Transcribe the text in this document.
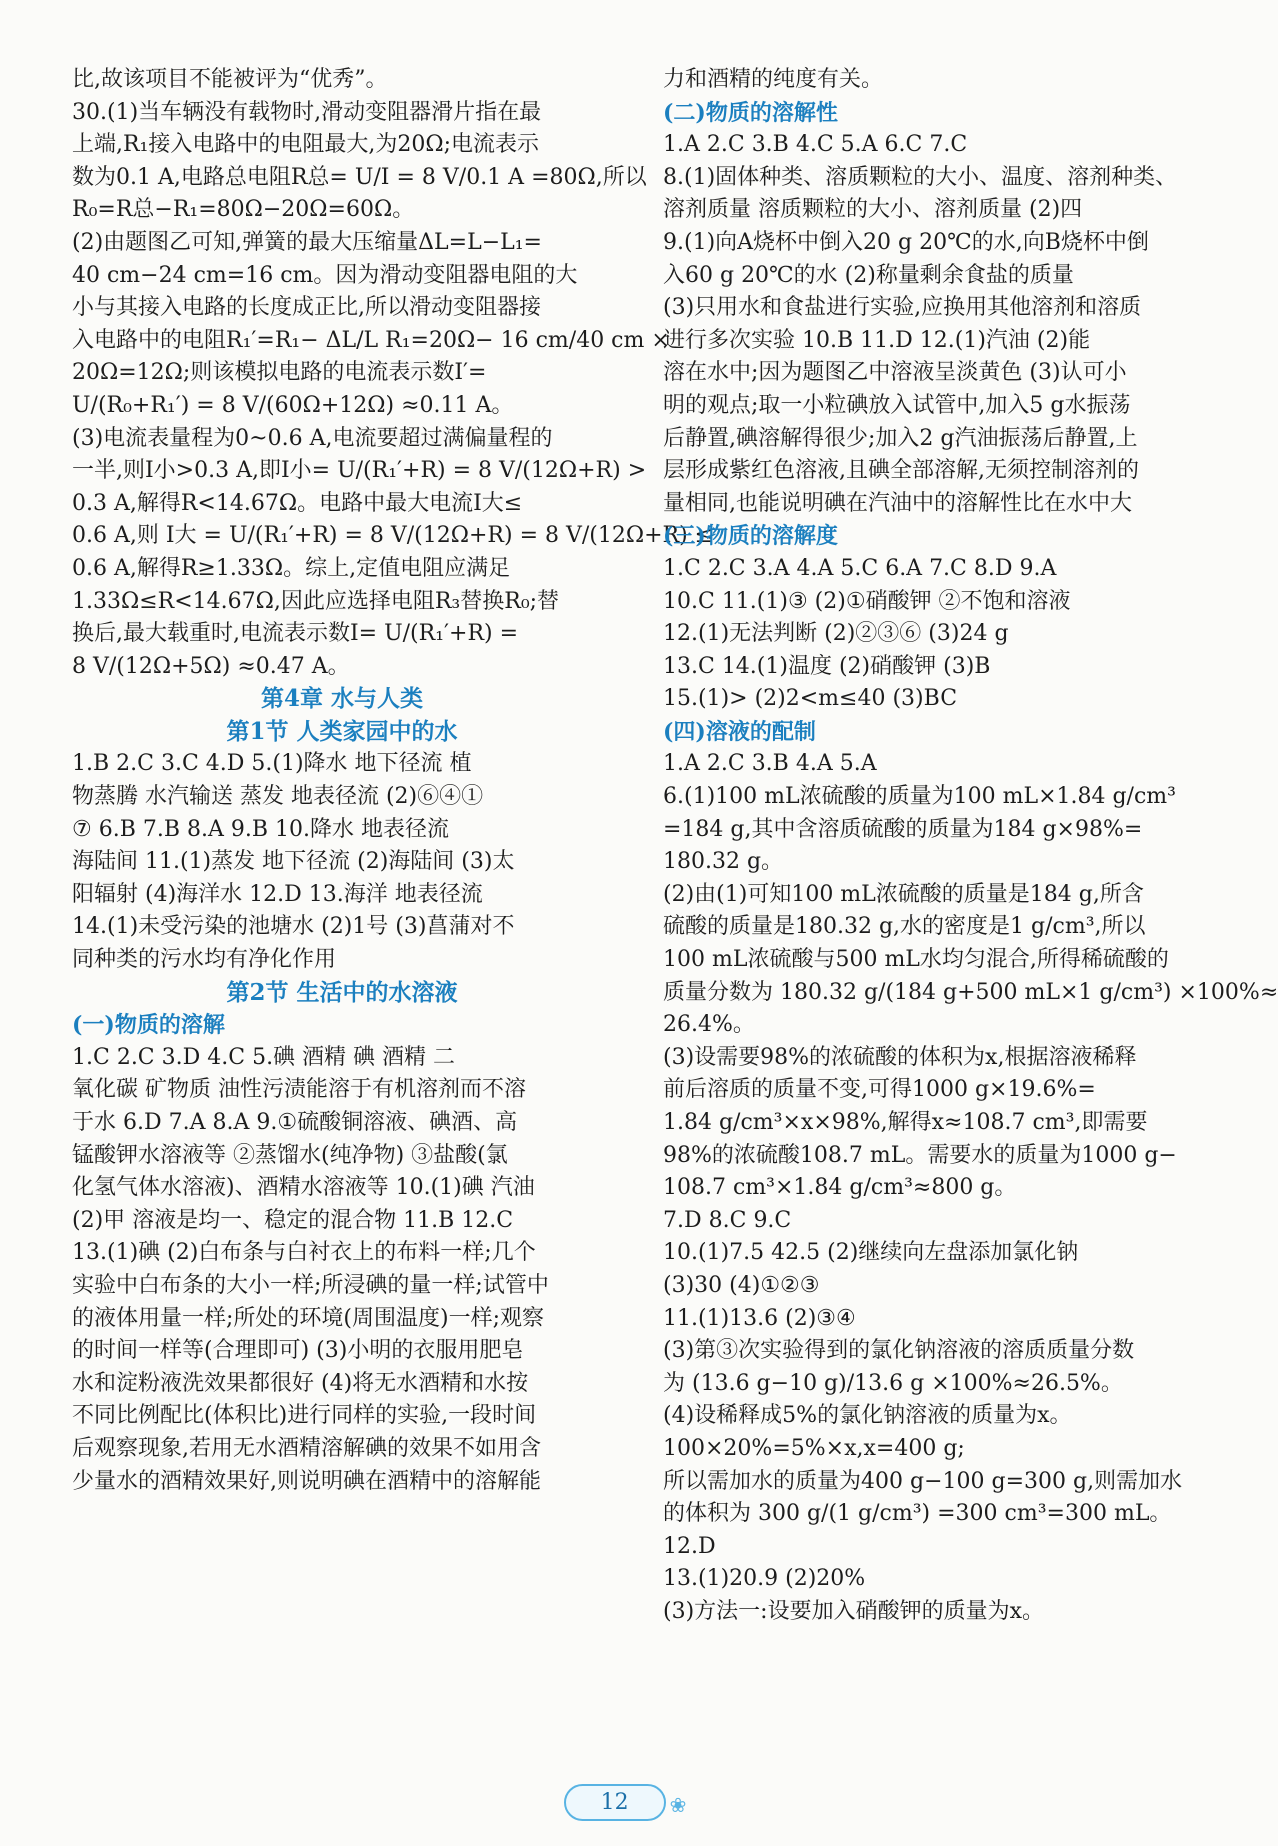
比,故该项目不能被评为“优秀”。
30.(1)当车辆没有载物时,滑动变阻器滑片指在最
上端,R₁接入电路中的电阻最大,为20Ω;电流表示
数为0.1 A,电路总电阻R总= U/I = 8 V/0.1 A =80Ω,所以
R₀=R总−R₁=80Ω−20Ω=60Ω。
(2)由题图乙可知,弹簧的最大压缩量ΔL=L−L₁=
40 cm−24 cm=16 cm。因为滑动变阻器电阻的大
小与其接入电路的长度成正比,所以滑动变阻器接
入电路中的电阻R₁′=R₁− ΔL/L R₁=20Ω− 16 cm/40 cm ×
20Ω=12Ω;则该模拟电路的电流表示数I′=
U/(R₀+R₁′) = 8 V/(60Ω+12Ω) ≈0.11 A。
(3)电流表量程为0~0.6 A,电流要超过满偏量程的
一半,则I小>0.3 A,即I小= U/(R₁′+R) = 8 V/(12Ω+R) >
0.3 A,解得R<14.67Ω。电路中最大电流I大≤
0.6 A,则 I大 = U/(R₁′+R) = 8 V/(12Ω+R) = 8 V/(12Ω+R) ≤
0.6 A,解得R≥1.33Ω。综上,定值电阻应满足
1.33Ω≤R<14.67Ω,因此应选择电阻R₃替换R₀;替
换后,最大载重时,电流表示数I= U/(R₁′+R) =
8 V/(12Ω+5Ω) ≈0.47 A。
第4章 水与人类
第1节 人类家园中的水
1.B 2.C 3.C 4.D 5.(1)降水 地下径流 植
物蒸腾 水汽输送 蒸发 地表径流 (2)⑥④①
⑦ 6.B 7.B 8.A 9.B 10.降水 地表径流
海陆间 11.(1)蒸发 地下径流 (2)海陆间 (3)太
阳辐射 (4)海洋水 12.D 13.海洋 地表径流
14.(1)未受污染的池塘水 (2)1号 (3)菖蒲对不
同种类的污水均有净化作用
第2节 生活中的水溶液
(一)物质的溶解
1.C 2.C 3.D 4.C 5.碘 酒精 碘 酒精 二
氧化碳 矿物质 油性污渍能溶于有机溶剂而不溶
于水 6.D 7.A 8.A 9.①硫酸铜溶液、碘酒、高
锰酸钾水溶液等 ②蒸馏水(纯净物) ③盐酸(氯
化氢气体水溶液)、酒精水溶液等 10.(1)碘 汽油
(2)甲 溶液是均一、稳定的混合物 11.B 12.C
13.(1)碘 (2)白布条与白衬衣上的布料一样;几个
实验中白布条的大小一样;所浸碘的量一样;试管中
的液体用量一样;所处的环境(周围温度)一样;观察
的时间一样等(合理即可) (3)小明的衣服用肥皂
水和淀粉液洗效果都很好 (4)将无水酒精和水按
不同比例配比(体积比)进行同样的实验,一段时间
后观察现象,若用无水酒精溶解碘的效果不如用含
少量水的酒精效果好,则说明碘在酒精中的溶解能
力和酒精的纯度有关。
(二)物质的溶解性
1.A 2.C 3.B 4.C 5.A 6.C 7.C
8.(1)固体种类、溶质颗粒的大小、温度、溶剂种类、
溶剂质量 溶质颗粒的大小、溶剂质量 (2)四
9.(1)向A烧杯中倒入20 g 20℃的水,向B烧杯中倒
入60 g 20℃的水 (2)称量剩余食盐的质量
(3)只用水和食盐进行实验,应换用其他溶剂和溶质
进行多次实验 10.B 11.D 12.(1)汽油 (2)能
溶在水中;因为题图乙中溶液呈淡黄色 (3)认可小
明的观点;取一小粒碘放入试管中,加入5 g水振荡
后静置,碘溶解得很少;加入2 g汽油振荡后静置,上
层形成紫红色溶液,且碘全部溶解,无须控制溶剂的
量相同,也能说明碘在汽油中的溶解性比在水中大
(三)物质的溶解度
1.C 2.C 3.A 4.A 5.C 6.A 7.C 8.D 9.A
10.C 11.(1)③ (2)①硝酸钾 ②不饱和溶液
12.(1)无法判断 (2)②③⑥ (3)24 g
13.C 14.(1)温度 (2)硝酸钾 (3)B
15.(1)> (2)2<m≤40 (3)BC
(四)溶液的配制
1.A 2.C 3.B 4.A 5.A
6.(1)100 mL浓硫酸的质量为100 mL×1.84 g/cm³
=184 g,其中含溶质硫酸的质量为184 g×98%=
180.32 g。
(2)由(1)可知100 mL浓硫酸的质量是184 g,所含
硫酸的质量是180.32 g,水的密度是1 g/cm³,所以
100 mL浓硫酸与500 mL水均匀混合,所得稀硫酸的
质量分数为 180.32 g/(184 g+500 mL×1 g/cm³) ×100%≈
26.4%。
(3)设需要98%的浓硫酸的体积为x,根据溶液稀释
前后溶质的质量不变,可得1000 g×19.6%=
1.84 g/cm³×x×98%,解得x≈108.7 cm³,即需要
98%的浓硫酸108.7 mL。需要水的质量为1000 g−
108.7 cm³×1.84 g/cm³≈800 g。
7.D 8.C 9.C
10.(1)7.5 42.5 (2)继续向左盘添加氯化钠
(3)30 (4)①②③
11.(1)13.6 (2)③④
(3)第③次实验得到的氯化钠溶液的溶质质量分数
为 (13.6 g−10 g)/13.6 g ×100%≈26.5%。
(4)设稀释成5%的氯化钠溶液的质量为x。
100×20%=5%×x,x=400 g;
所以需加水的质量为400 g−100 g=300 g,则需加水
的体积为 300 g/(1 g/cm³) =300 cm³=300 mL。
12.D
13.(1)20.9 (2)20%
(3)方法一:设要加入硝酸钾的质量为x。
12 ❀
